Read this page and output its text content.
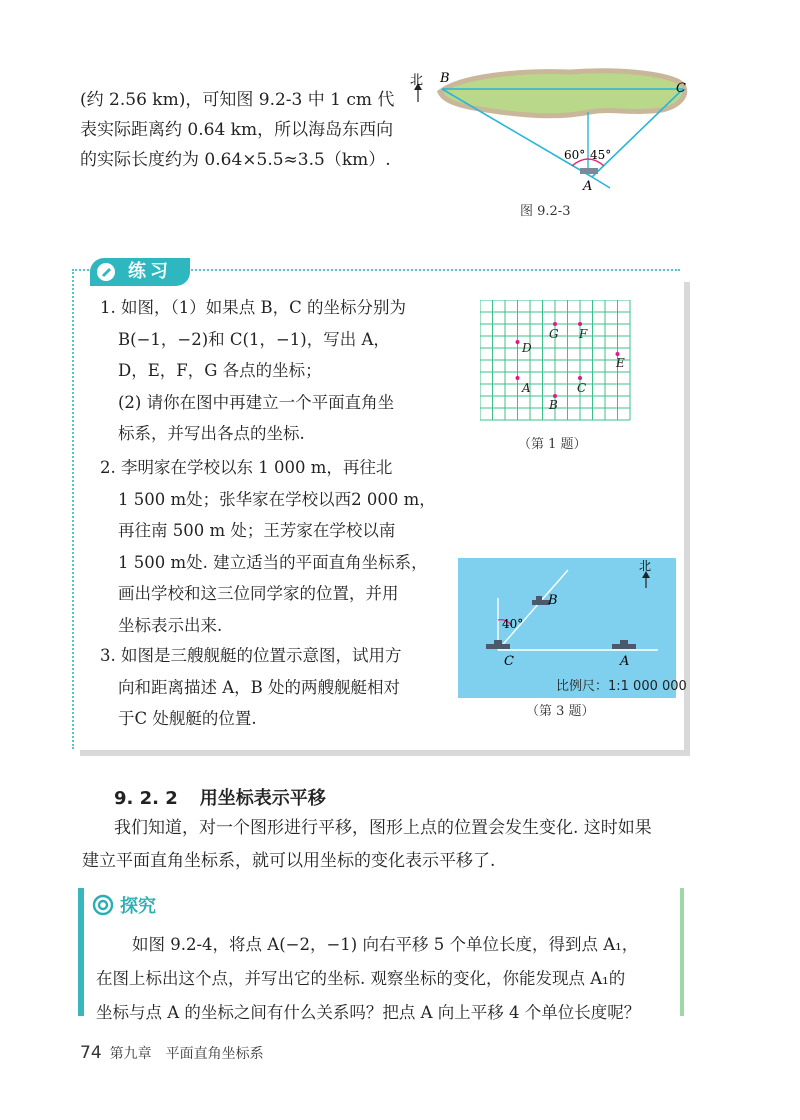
(约 2.56 km)，可知图 9.2-3 中 1 cm 代

表实际距离约 0.64 km，所以海岛东西向

的实际长度约为 0.64×5.5≈3.5（km）.

北 B
C
A
60° 45°
图 9.2-3
练习

1. 如图，（1）如果点 B，C 的坐标分别为

B(−1，−2)和 C(1，−1)，写出 A，

D，E，F，G 各点的坐标；

(2) 请你在图中再建立一个平面直角坐

标系，并写出各点的坐标.

G F
D
E
A	C
B
（第 1 题）

2. 李明家在学校以东 1 000 m，再往北

1 500 m处；张华家在学校以西2 000 m，

再往南 500 m 处；王芳家在学校以南

1 500 m处. 建立适当的平面直角坐标系，

画出学校和这三位同学家的位置，并用

坐标表示出来.

3. 如图是三艘舰艇的位置示意图，试用方

向和距离描述 A，B 处的两艘舰艇相对

于C 处舰艇的位置.

北
40°
C	A
B
比例尺：1:1 000 000
（第 3 题）
9. 2. 2 用坐标表示平移

我们知道，对一个图形进行平移，图形上点的位置会发生变化. 这时如果

建立平面直角坐标系，就可以用坐标的变化表示平移了.

探究

如图 9.2-4，将点 A(−2，−1) 向右平移 5 个单位长度，得到点 A₁，

在图上标出这个点，并写出它的坐标. 观察坐标的变化，你能发现点 A₁的

坐标与点 A 的坐标之间有什么关系吗？把点 A 向上平移 4 个单位长度呢？

74 第九章 平面直角坐标系
